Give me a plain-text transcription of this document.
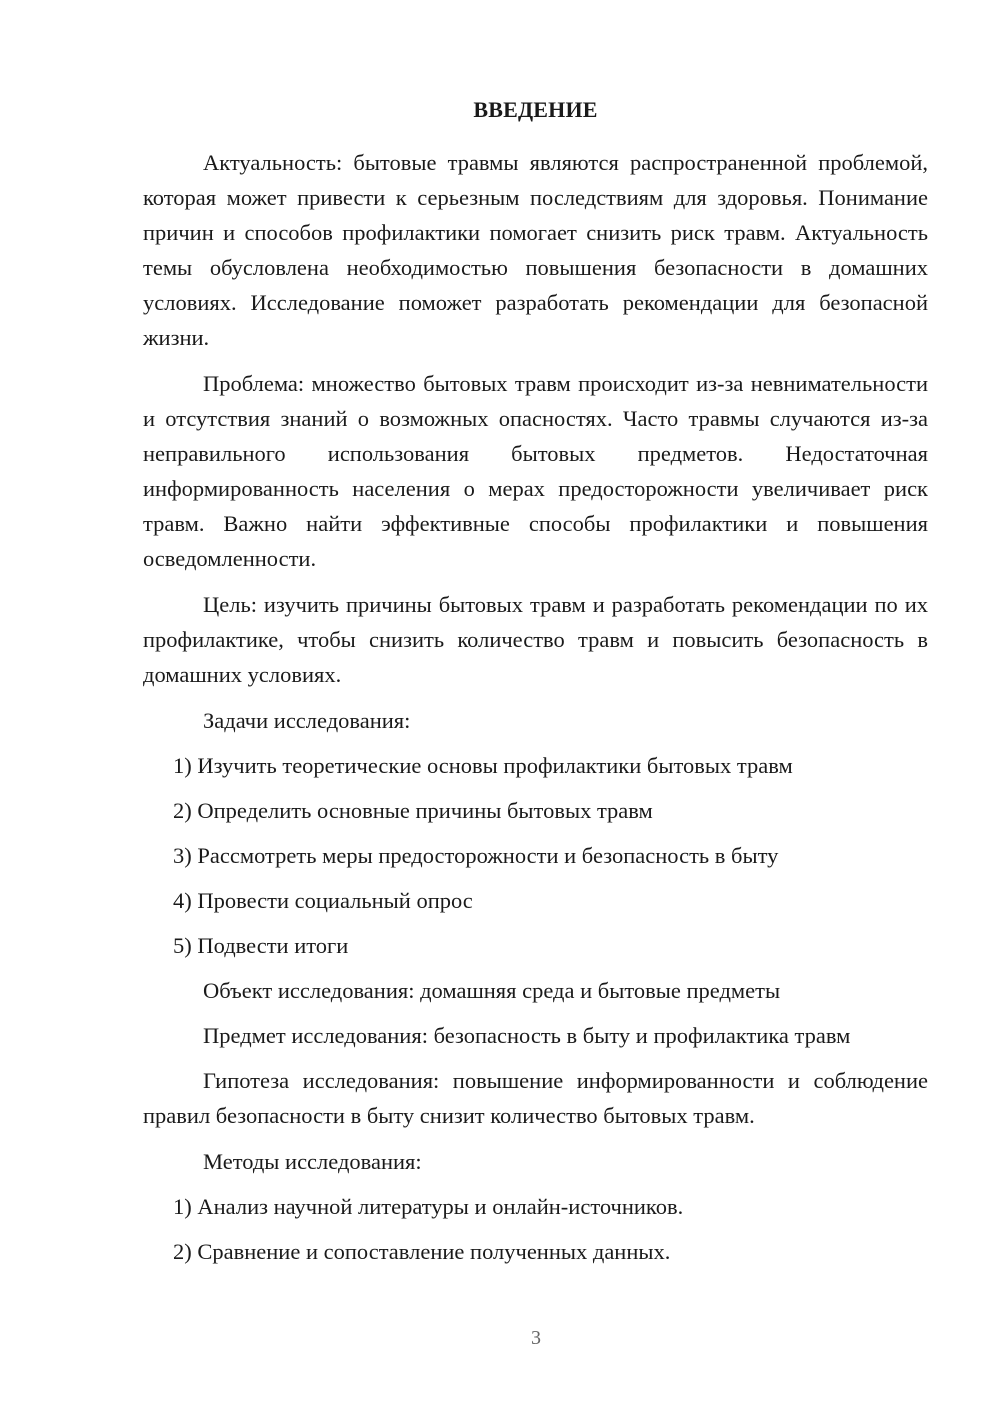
ВВЕДЕНИЕ

Актуальность: бытовые травмы являются распространенной проблемой, которая может привести к серьезным последствиям для здоровья. Понимание причин и способов профилактики помогает снизить риск травм. Актуальность темы обусловлена необходимостью повышения безопасности в домашних условиях. Исследование поможет разработать рекомендации для безопасной жизни.

Проблема: множество бытовых травм происходит из-за невнимательности и отсутствия знаний о возможных опасностях. Часто травмы случаются из-за неправильного использования бытовых предметов. Недостаточная информированность населения о мерах предосторожности увеличивает риск травм. Важно найти эффективные способы профилактики и повышения осведомленности.

Цель: изучить причины бытовых травм и разработать рекомендации по их профилактике, чтобы снизить количество травм и повысить безопасность в домашних условиях.

Задачи исследования:

1) Изучить теоретические основы профилактики бытовых травм

2) Определить основные причины бытовых травм

3) Рассмотреть меры предосторожности и безопасность в быту

4) Провести социальный опрос

5) Подвести итоги

Объект исследования: домашняя среда и бытовые предметы

Предмет исследования: безопасность в быту и профилактика травм

Гипотеза исследования: повышение информированности и соблюдение правил безопасности в быту снизит количество бытовых травм.

Методы исследования:

1) Анализ научной литературы и онлайн-источников.

2) Сравнение и сопоставление полученных данных.

3
